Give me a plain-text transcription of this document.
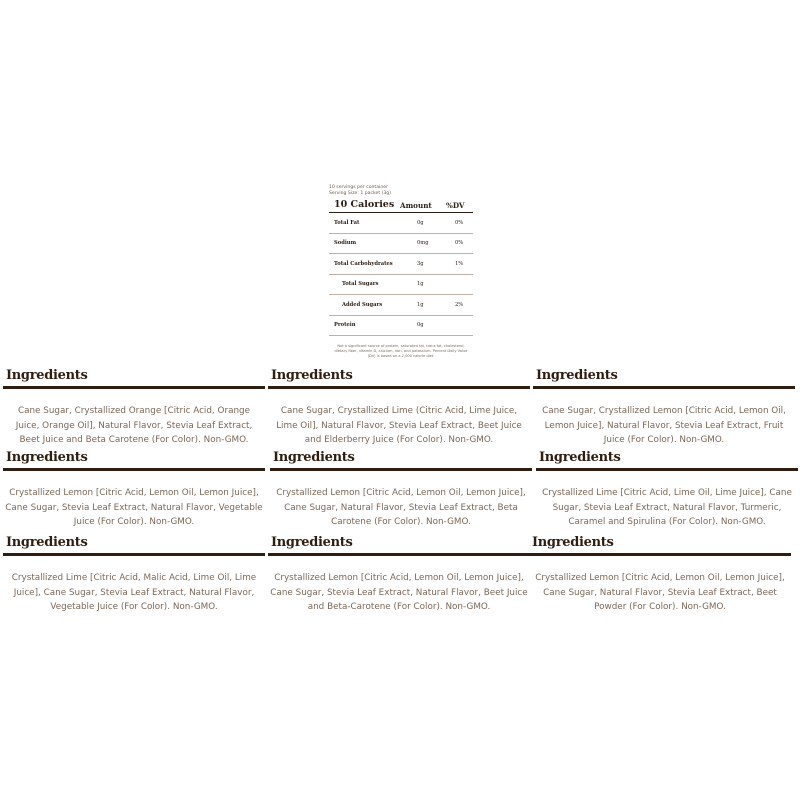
10 servings per container
Serving Size: 1 packet (3g)
10 Calories Amount	%DV
Total Fat	0g	0%
Sodium	0mg	0%
Total Carbohydrates	3g	1%
Total Sugars	1g
Added Sugars	1g	2%
Protein	0g
Not a significant source of protein, saturated fat, trans fat, cholesterol, dietary fiber, vitamin D, calcium, iron, and potassium. Percent Daily Value (DV) is based on a 2,000 calorie diet.
Ingredients
Cane Sugar, Crystallized Orange [Citric Acid, Orange Juice, Orange Oil], Natural Flavor, Stevia Leaf Extract, Beet Juice and Beta Carotene (For Color). Non-GMO.
Ingredients
Cane Sugar, Crystallized Lime (Citric Acid, Lime Juice, Lime Oil], Natural Flavor, Stevia Leaf Extract, Beet Juice and Elderberry Juice (For Color). Non-GMO.
Ingredients
Cane Sugar, Crystallized Lemon [Citric Acid, Lemon Oil, Lemon Juice], Natural Flavor, Stevia Leaf Extract, Fruit Juice (For Color). Non-GMO.
Ingredients
Crystallized Lemon [Citric Acid, Lemon Oil, Lemon Juice], Cane Sugar, Stevia Leaf Extract, Natural Flavor, Vegetable Juice (For Color). Non-GMO.
Ingredients
Crystallized Lemon [Citric Acid, Lemon Oil, Lemon Juice], Cane Sugar, Natural Flavor, Stevia Leaf Extract, Beta Carotene (For Color). Non-GMO.
Ingredients
Crystallized Lime [Citric Acid, Lime Oil, Lime Juice], Cane Sugar, Stevia Leaf Extract, Natural Flavor, Turmeric, Caramel and Spirulina (For Color). Non-GMO.
Ingredients
Crystallized Lime [Citric Acid, Malic Acid, Lime Oil, Lime Juice], Cane Sugar, Stevia Leaf Extract, Natural Flavor, Vegetable Juice (For Color). Non-GMO.
Ingredients
Crystallized Lemon [Citric Acid, Lemon Oil, Lemon Juice], Cane Sugar, Stevia Leaf Extract, Natural Flavor, Beet Juice and Beta-Carotene (For Color). Non-GMO.
Ingredients
Crystallized Lemon [Citric Acid, Lemon Oil, Lemon Juice], Cane Sugar, Natural Flavor, Stevia Leaf Extract, Beet Powder (For Color). Non-GMO.
